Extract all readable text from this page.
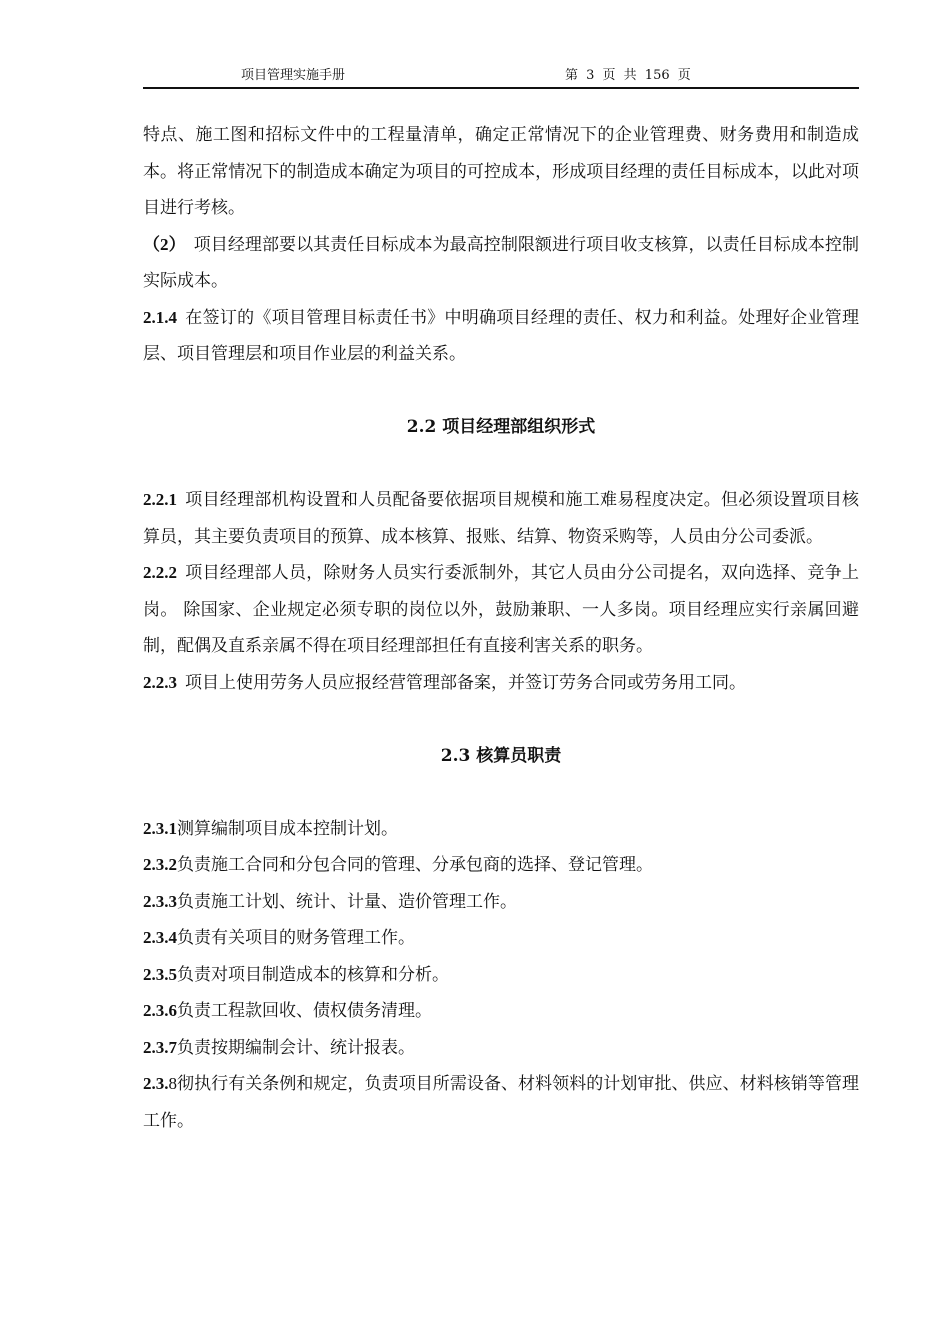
项目管理实施手册	第 3 页 共 156 页

特点、施工图和招标文件中的工程量清单，确定正常情况下的企业管理费、财务费用和制造成本。将正常情况下的制造成本确定为项目的可控成本，形成项目经理的责任目标成本，以此对项目进行考核。

（2） 项目经理部要以其责任目标成本为最高控制限额进行项目收支核算，以责任目标成本控制实际成本。

2.1.4 在签订的《项目管理目标责任书》中明确项目经理的责任、权力和利益。处理好企业管理层、项目管理层和项目作业层的利益关系。

2.2 项目经理部组织形式

2.2.1 项目经理部机构设置和人员配备要依据项目规模和施工难易程度决定。但必须设置项目核算员，其主要负责项目的预算、成本核算、报账、结算、物资采购等，人员由分公司委派。

2.2.2 项目经理部人员，除财务人员实行委派制外，其它人员由分公司提名，双向选择、竞争上岗。 除国家、企业规定必须专职的岗位以外，鼓励兼职、一人多岗。项目经理应实行亲属回避制，配偶及直系亲属不得在项目经理部担任有直接利害关系的职务。

2.2.3 项目上使用劳务人员应报经营管理部备案，并签订劳务合同或劳务用工同。

2.3 核算员职责

2.3.1测算编制项目成本控制计划。

2.3.2负责施工合同和分包合同的管理、分承包商的选择、登记管理。

2.3.3负责施工计划、统计、计量、造价管理工作。

2.3.4负责有关项目的财务管理工作。

2.3.5负责对项目制造成本的核算和分析。

2.3.6负责工程款回收、债权债务清理。

2.3.7负责按期编制会计、统计报表。

2.3.8彻执行有关条例和规定，负责项目所需设备、材料领料的计划审批、供应、材料核销等管理工作。
